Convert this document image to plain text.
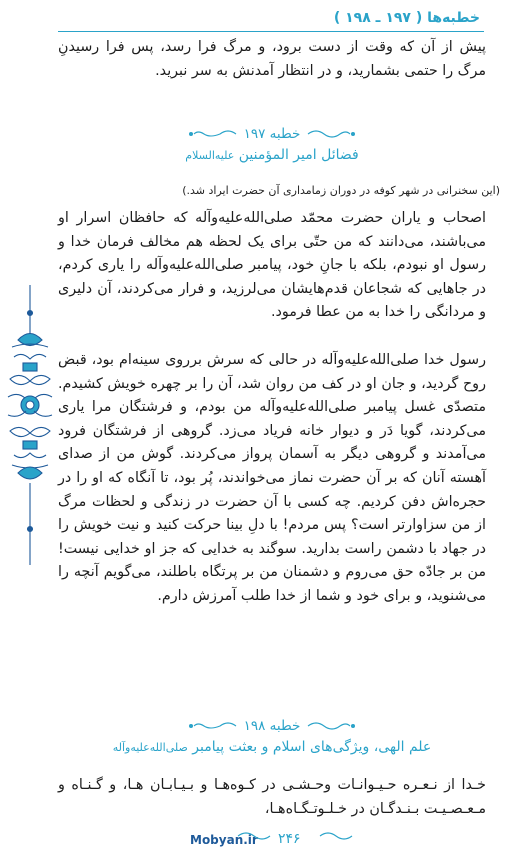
خطبه‌ها ( ۱۹۷ ـ ۱۹۸ )

پیش از آن که وقت از دست برود، و مرگ فرا رسد، پس فرا رسیدنِ مرگ را حتمی بشمارید، و در انتظار آمدنش به سر نبرید.

خطبه ۱۹۷
فضائل امیر المؤمنین علیه‌السلام
(این سخنرانی در شهر کوفه در دوران زمامداری آن حضرت ایراد شد.)

اصحاب و یاران حضرت محمّد صلی‌الله‌علیه‌وآله که حافظان اسرار او می‌باشند، می‌دانند که من حتّی برای یک لحظه هم مخالف فرمان خدا و رسول او نبودم، بلکه با جانِ خود، پیامبر صلی‌الله‌علیه‌وآله را یاری کردم، در جاهایی که شجاعان قدم‌هایشان می‌لرزید، و فرار می‌کردند، آن دلیری و مردانگی را خدا به من عطا فرمود.

رسول خدا صلی‌الله‌علیه‌وآله در حالی که سرش برروی سینه‌ام بود، قبض روح گردید، و جان او در کف من روان شد، آن را بر چهره خویش کشیدم. متصدّی غسل پیامبر صلی‌الله‌علیه‌وآله من بودم، و فرشتگان مرا یاری می‌کردند، گویا دَر و دیوار خانه فریاد می‌زد. گروهی از فرشتگان فرود می‌آمدند و گروهی دیگر به آسمان پرواز می‌کردند. گوش من از صدای آهسته آنان که بر آن حضرت نماز می‌خواندند، پُر بود، تا آنگاه که او را در حجره‌اش دفن کردیم. چه کسی با آن حضرت در زندگی و لحظات مرگ از من سزاوارتر است؟ پس مردم! با دلِ بینا حرکت کنید و نیت خویش را در جهاد با دشمن راست بدارید. سوگند به خدایی که جز او خدایی نیست! من بر جادّه حق می‌روم و دشمنان من بر پرتگاه باطلند، می‌گویم آنچه را می‌شنوید، و برای خود و شما از خدا طلب آمرزش دارم.

خطبه ۱۹۸
علم الهی، ویژگی‌های اسلام و بعثت پیامبر صلی‌الله‌علیه‌وآله

خـدا از نـعـره حـیـوانـات وحـشـی در کـوه‌هـا و بـیـابـان هـا، و گـنـاه و مـعـصـیـت بـنـدگـان در خـلـوتـگـاه‌هـا،

Mobyan.ir ۲۴۶
